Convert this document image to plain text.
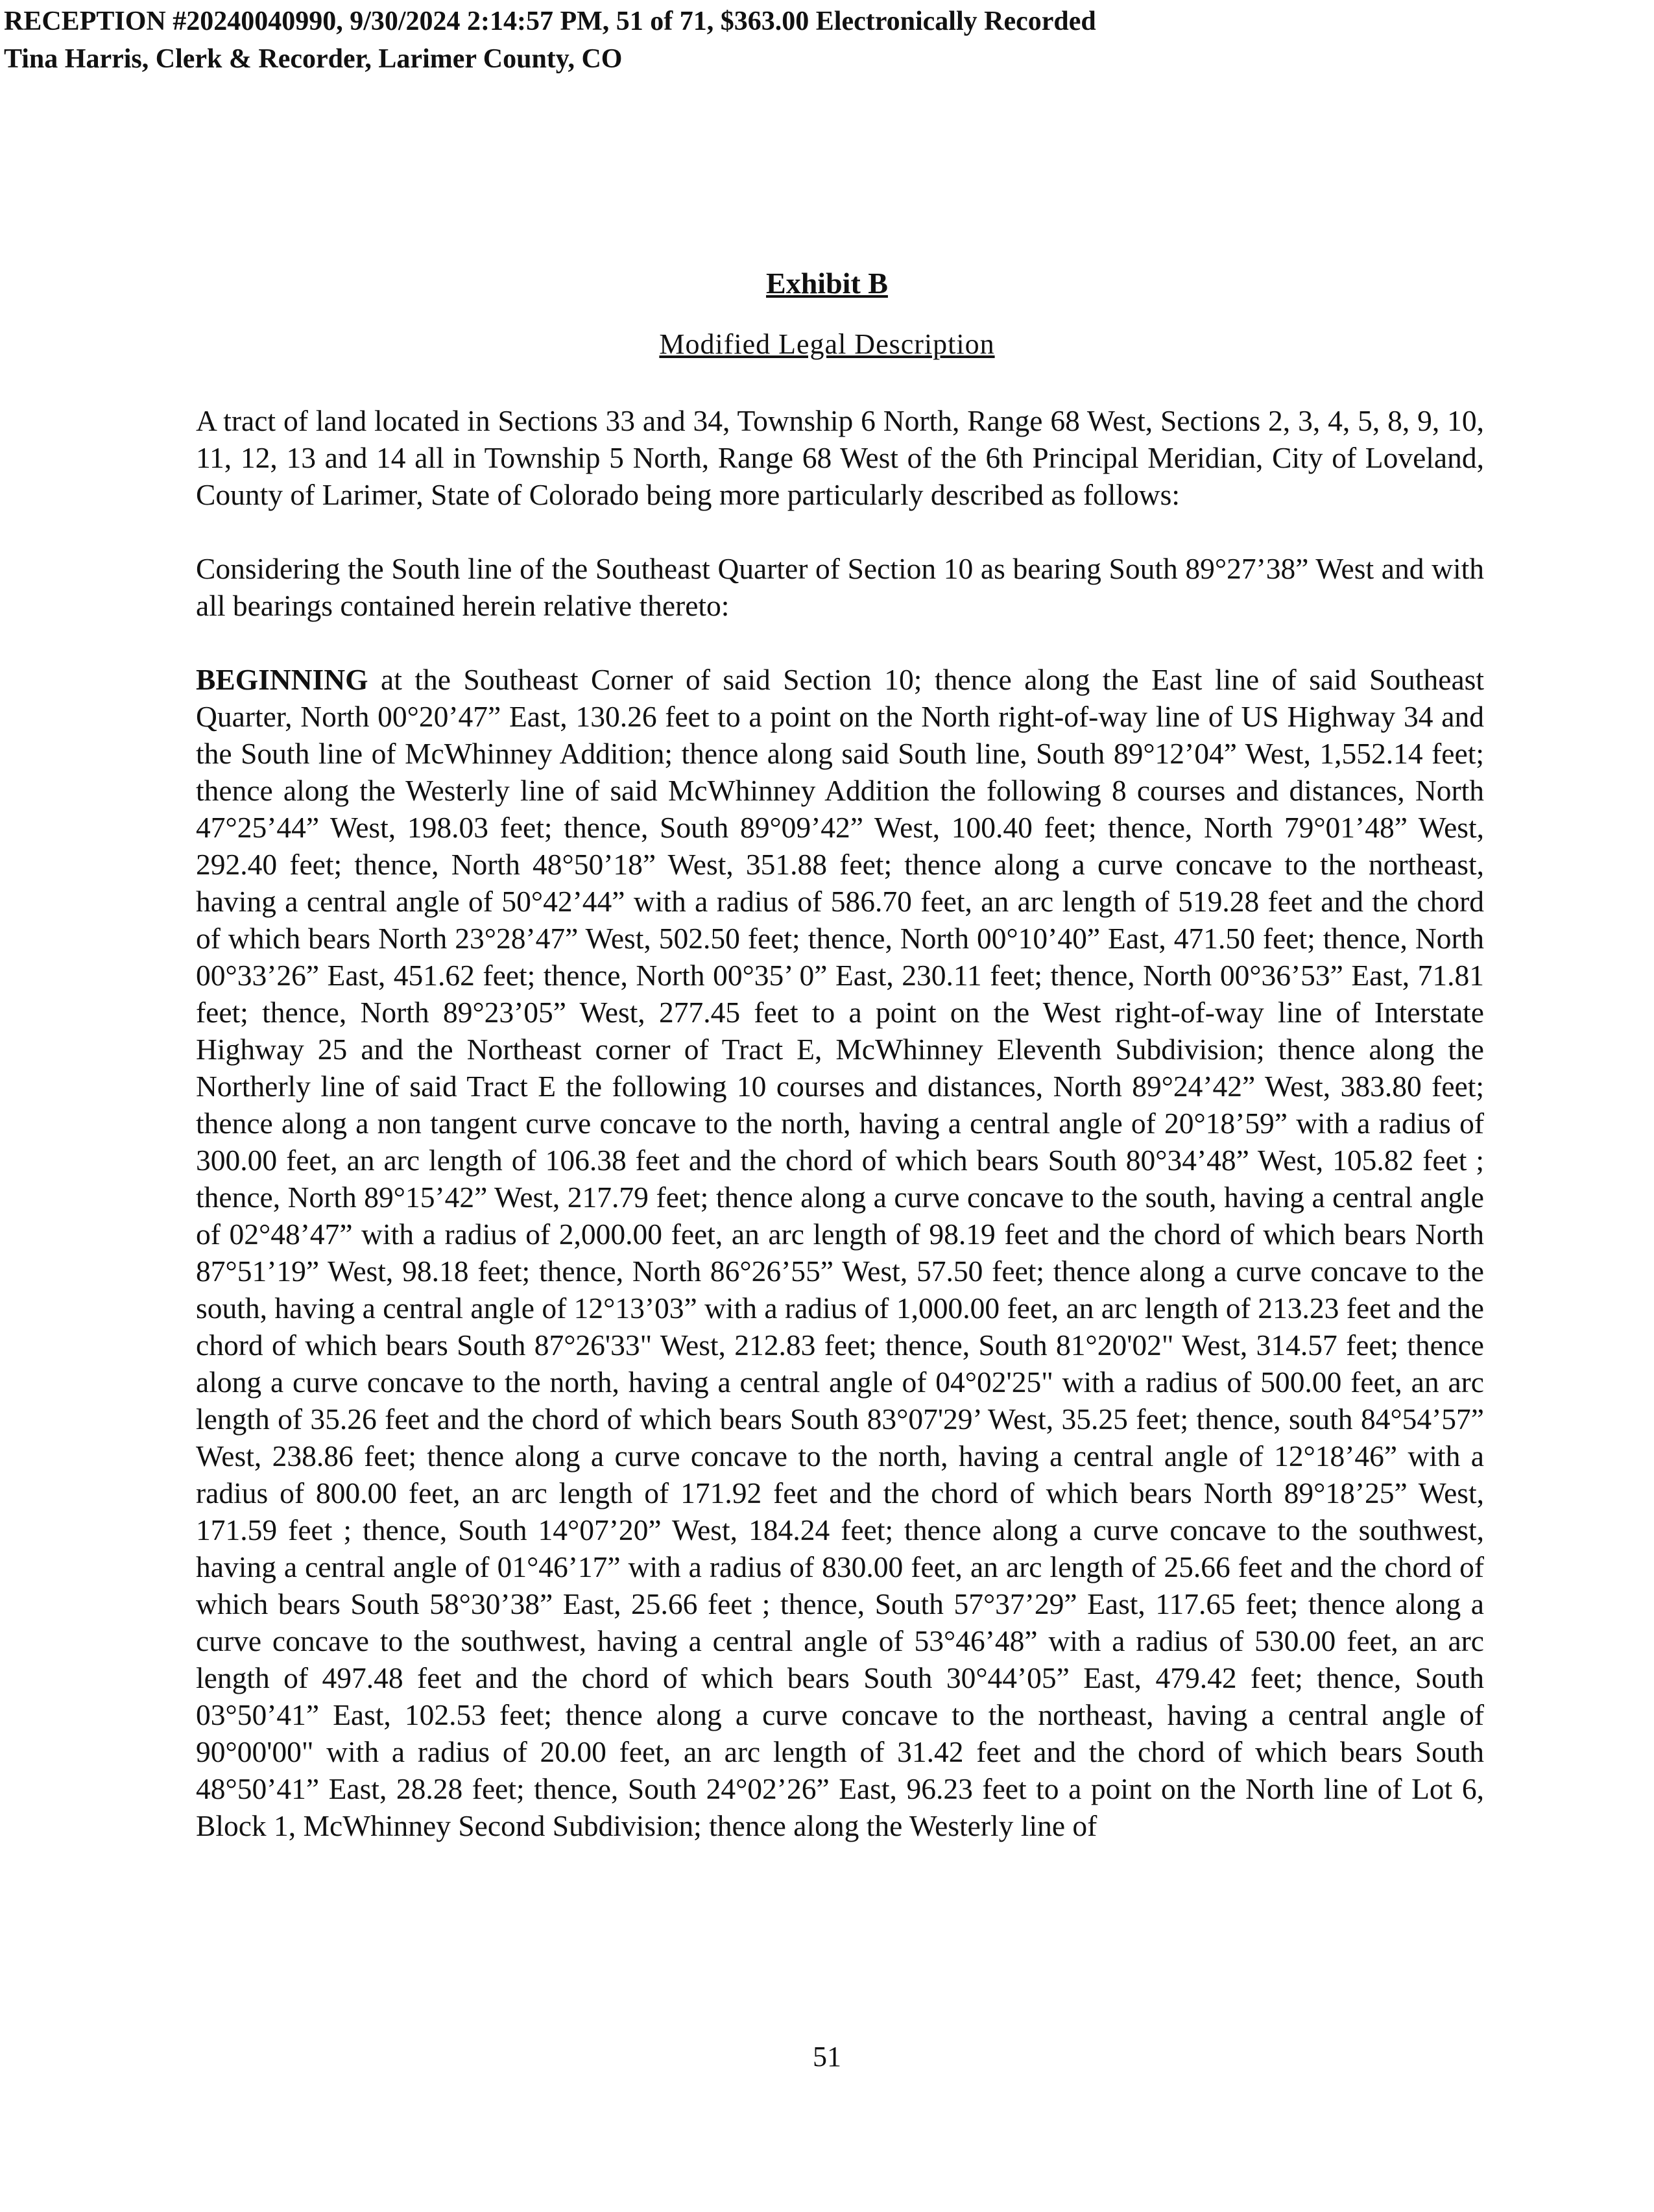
RECEPTION #20240040990, 9/30/2024 2:14:57 PM, 51 of 71, $363.00 Electronically Recorded
Tina Harris, Clerk & Recorder, Larimer County, CO
Exhibit B
Modified Legal Description

A tract of land located in Sections 33 and 34, Township 6 North, Range 68 West, Sections 2, 3, 4, 5, 8, 9, 10, 11, 12, 13 and 14 all in Township 5 North, Range 68 West of the 6th Principal Meridian, City of Loveland, County of Larimer, State of Colorado being more particularly described as follows:

Considering the South line of the Southeast Quarter of Section 10 as bearing South 89°27’38” West and with all bearings contained herein relative thereto:

BEGINNING at the Southeast Corner of said Section 10; thence along the East line of said Southeast Quarter, North 00°20’47” East, 130.26 feet to a point on the North right-of-way line of US Highway 34 and the South line of McWhinney Addition; thence along said South line, South 89°12’04” West, 1,552.14 feet; thence along the Westerly line of said McWhinney Addition the following 8 courses and distances, North 47°25’44” West, 198.03 feet; thence, South 89°09’42” West, 100.40 feet; thence, North 79°01’48” West, 292.40 feet; thence, North 48°50’18” West, 351.88 feet; thence along a curve concave to the northeast, having a central angle of 50°42’44” with a radius of 586.70 feet, an arc length of 519.28 feet and the chord of which bears North 23°28’47” West, 502.50 feet; thence, North 00°10’40” East, 471.50 feet; thence, North 00°33’26” East, 451.62 feet; thence, North 00°35’ 0” East, 230.11 feet; thence, North 00°36’53” East, 71.81 feet; thence, North 89°23’05” West, 277.45 feet to a point on the West right-of-way line of Interstate Highway 25 and the Northeast corner of Tract E, McWhinney Eleventh Subdivision; thence along the Northerly line of said Tract E the following 10 courses and distances, North 89°24’42” West, 383.80 feet; thence along a non tangent curve concave to the north, having a central angle of 20°18’59” with a radius of 300.00 feet, an arc length of 106.38 feet and the chord of which bears South 80°34’48” West, 105.82 feet ; thence, North 89°15’42” West, 217.79 feet; thence along a curve concave to the south, having a central angle of 02°48’47” with a radius of 2,000.00 feet, an arc length of 98.19 feet and the chord of which bears North 87°51’19” West, 98.18 feet; thence, North 86°26’55” West, 57.50 feet; thence along a curve concave to the south, having a central angle of 12°13’03” with a radius of 1,000.00 feet, an arc length of 213.23 feet and the chord of which bears South 87°26'33" West, 212.83 feet; thence, South 81°20'02" West, 314.57 feet; thence along a curve concave to the north, having a central angle of 04°02'25" with a radius of 500.00 feet, an arc length of 35.26 feet and the chord of which bears South 83°07'29’ West, 35.25 feet; thence, south 84°54’57” West, 238.86 feet; thence along a curve concave to the north, having a central angle of 12°18’46” with a radius of 800.00 feet, an arc length of 171.92 feet and the chord of which bears North 89°18’25” West, 171.59 feet ; thence, South 14°07’20” West, 184.24 feet; thence along a curve concave to the southwest, having a central angle of 01°46’17” with a radius of 830.00 feet, an arc length of 25.66 feet and the chord of which bears South 58°30’38” East, 25.66 feet ; thence, South 57°37’29” East, 117.65 feet; thence along a curve concave to the southwest, having a central angle of 53°46’48” with a radius of 530.00 feet, an arc length of 497.48 feet and the chord of which bears South 30°44’05” East, 479.42 feet; thence, South 03°50’41” East, 102.53 feet; thence along a curve concave to the northeast, having a central angle of 90°00'00" with a radius of 20.00 feet, an arc length of 31.42 feet and the chord of which bears South 48°50’41” East, 28.28 feet; thence, South 24°02’26” East, 96.23 feet to a point on the North line of Lot 6, Block 1, McWhinney Second Subdivision; thence along the Westerly line of

51
